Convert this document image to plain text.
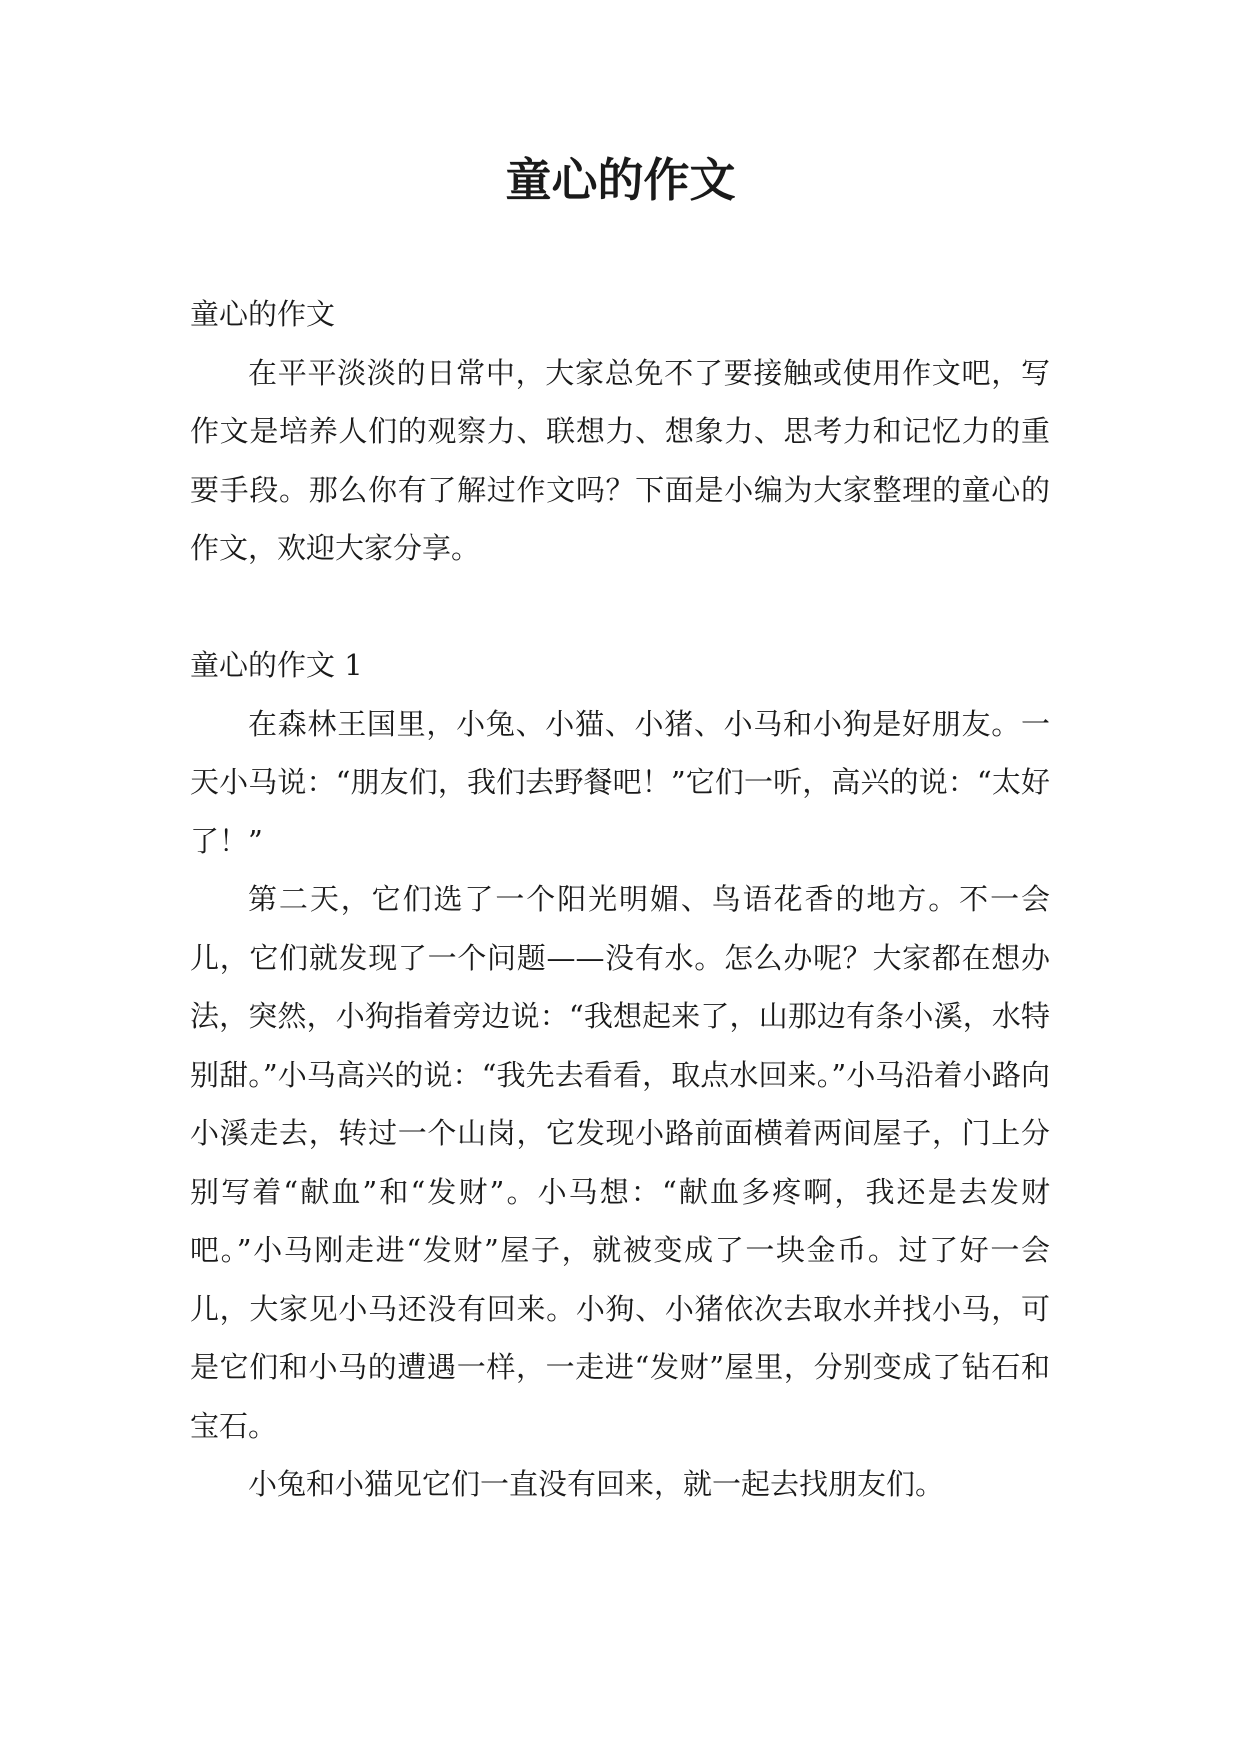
童心的作文

童心的作文

在平平淡淡的日常中，大家总免不了要接触或使用作文吧，写作文是培养人们的观察力、联想力、想象力、思考力和记忆力的重要手段。那么你有了解过作文吗？下面是小编为大家整理的童心的作文，欢迎大家分享。

童心的作文 1

在森林王国里，小兔、小猫、小猪、小马和小狗是好朋友。一天小马说：“朋友们，我们去野餐吧！”它们一听，高兴的说：“太好了！”

第二天，它们选了一个阳光明媚、鸟语花香的地方。不一会儿，它们就发现了一个问题——没有水。怎么办呢？大家都在想办法，突然，小狗指着旁边说：“我想起来了，山那边有条小溪，水特别甜。”小马高兴的说：“我先去看看，取点水回来。”小马沿着小路向小溪走去，转过一个山岗，它发现小路前面横着两间屋子，门上分别写着“献血”和“发财”。小马想：“献血多疼啊，我还是去发财吧。”小马刚走进“发财”屋子，就被变成了一块金币。过了好一会儿，大家见小马还没有回来。小狗、小猪依次去取水并找小马，可是它们和小马的遭遇一样，一走进“发财”屋里，分别变成了钻石和宝石。

小兔和小猫见它们一直没有回来，就一起去找朋友们。
